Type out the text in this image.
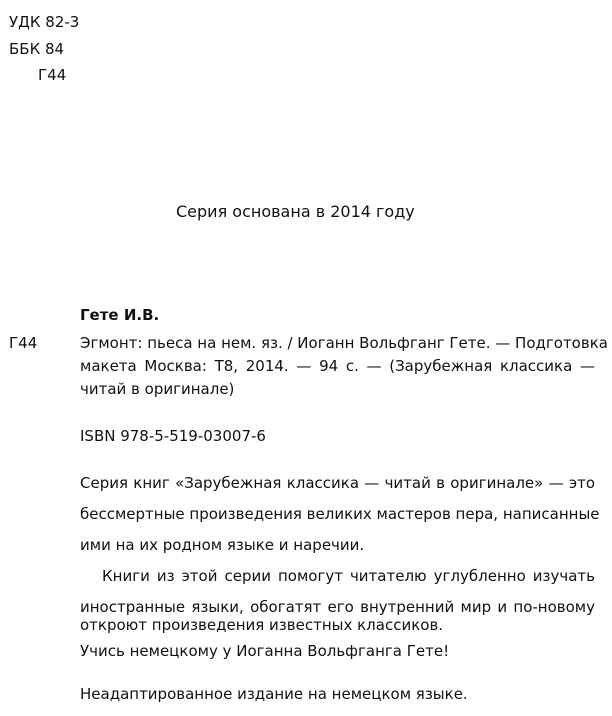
УДК 82-3
ББК 84
Г44
Серия основана в 2014 году
Гете И.В.
Г44	Эгмонт: пьеса на нем. яз. / Иоганн Вольфганг Гете. — Подготовка
макета Москва: Т8, 2014. — 94 с. — (Зарубежная классика —
читай в оригинале)
ISBN 978-5-519-03007-6
Серия книг «Зарубежная классика — читай в оригинале» — это
бессмертные произведения великих мастеров пера, написанные
ими на их родном языке и наречии.
Книги из этой серии помогут читателю углубленно изучать
иностранные языки, обогатят его внутренний мир и по-новому
откроют произведения известных классиков.
Учись немецкому у Иоганна Вольфганга Гете!
Неадаптированное издание на немецком языке.
